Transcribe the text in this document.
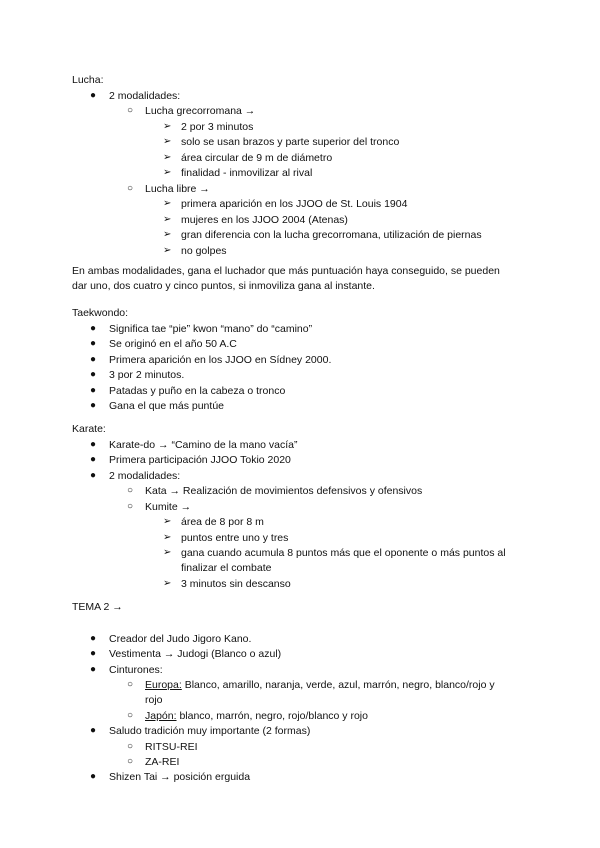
Lucha:
● 2 modalidades:
○ Lucha grecorromana →
➢ 2 por 3 minutos
➢ solo se usan brazos y parte superior del tronco
➢ área circular de 9 m de diámetro
➢ finalidad - inmovilizar al rival
○ Lucha libre →
➢ primera aparición en los JJOO de St. Louis 1904
➢ mujeres en los JJOO 2004 (Atenas)
➢ gran diferencia con la lucha grecorromana, utilización de piernas
➢ no golpes
En ambas modalidades, gana el luchador que más puntuación haya conseguido, se pueden
dar uno, dos cuatro y cinco puntos, si inmoviliza gana al instante.
Taekwondo:
● Significa tae “pie” kwon “mano” do “camino”
● Se originó en el año 50 A.C
● Primera aparición en los JJOO en Sídney 2000.
● 3 por 2 minutos.
● Patadas y puño en la cabeza o tronco
● Gana el que más puntúe
Karate:
● Karate-do → “Camino de la mano vacía”
● Primera participación JJOO Tokio 2020
● 2 modalidades:
○ Kata → Realización de movimientos defensivos y ofensivos
○ Kumite →
➢ área de 8 por 8 m
➢ puntos entre uno y tres
➢ gana cuando acumula 8 puntos más que el oponente o más puntos al
finalizar el combate
➢ 3 minutos sin descanso
TEMA 2 →
● Creador del Judo Jigoro Kano.
● Vestimenta → Judogi (Blanco o azul)
● Cinturones:
○ Europa: Blanco, amarillo, naranja, verde, azul, marrón, negro, blanco/rojo y
rojo
○ Japón: blanco, marrón, negro, rojo/blanco y rojo
● Saludo tradición muy importante (2 formas)
○ RITSU-REI
○ ZA-REI
● Shizen Tai → posición erguida
